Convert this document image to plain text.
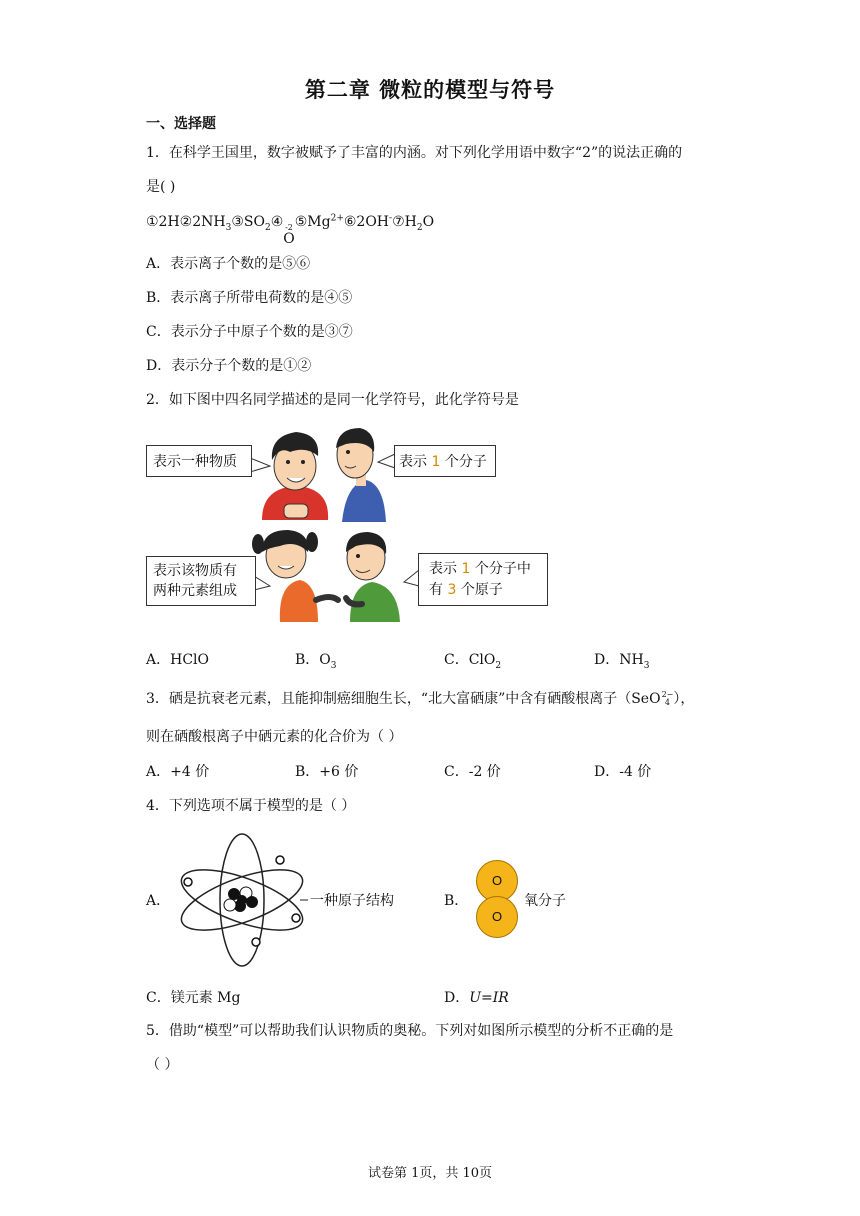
第二章 微粒的模型与符号
一、选择题
1．在科学王国里，数字被赋予了丰富的内涵。对下列化学用语中数字“2”的说法正确的
是( )
$①2H②2NH_3③SO_2④$ -2
O
$⑤Mg^{2+}⑥2OH^-⑦H_2O$
A．表示离子个数的是⑤⑥
B．表示离子所带电荷数的是④⑤
C．表示分子中原子个数的是③⑦
D．表示分子个数的是①②
2．如下图中四名同学描述的是同一化学符号，此化学符号是
表示一种物质	表示 1 个分子
表示该物质有
两种元素组成
表示 1 个分子中
有 3 个原子
A．HClO	B．$O_3$	C．ClO$_2$	D．$NH_3$
3．硒是抗衰老元素，且能抑制癌细胞生长，“北大富硒康”中含有硒酸根离子（SeO 2−
4 ），
则在硒酸根离子中硒元素的化合价为（ ）
A．+4 价	B．+6 价	C．-2 价	D．-4 价
4．下列选项不属于模型的是（ ）
A．	一种原子结构	B．
O
O
氧分子
C．镁元素 Mg	D．U=IR
5．借助“模型”可以帮助我们认识物质的奥秘。下列对如图所示模型的分析不正确的是
（ ）
试卷第 1页，共 10页
